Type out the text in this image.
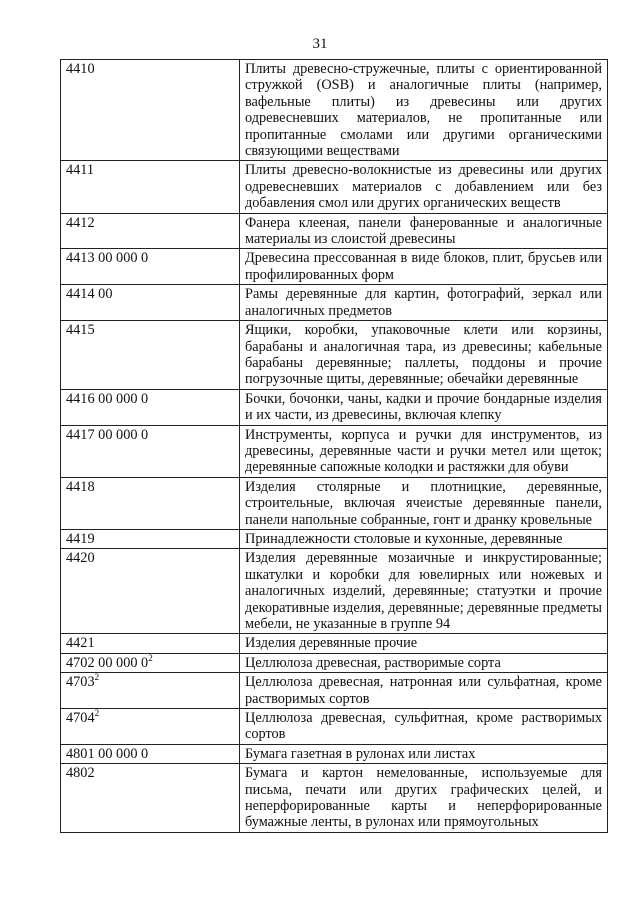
31
4410	Плиты древесно-стружечные, плиты с ориентированной стружкой (OSB) и аналогичные плиты (например, вафельные плиты) из древесины или других одревесневших материалов, не пропитанные или пропитанные смолами или другими органическими связующими веществами
4411	Плиты древесно-волокнистые из древесины или других одревесневших материалов с добавлением или без добавления смол или других органических веществ
4412	Фанера клееная, панели фанерованные и аналогичные материалы из слоистой древесины
4413 00 000 0	Древесина прессованная в виде блоков, плит, брусьев или профилированных форм
4414 00	Рамы деревянные для картин, фотографий, зеркал или аналогичных предметов
4415	Ящики, коробки, упаковочные клети или корзины, барабаны и аналогичная тара, из древесины; кабельные барабаны деревянные; паллеты, поддоны и прочие погрузочные щиты, деревянные; обечайки деревянные
4416 00 000 0	Бочки, бочонки, чаны, кадки и прочие бондарные изделия и их части, из древесины, включая клепку
4417 00 000 0	Инструменты, корпуса и ручки для инструментов, из древесины, деревянные части и ручки метел или щеток; деревянные сапожные колодки и растяжки для обуви
4418	Изделия столярные и плотницкие, деревянные, строительные, включая ячеистые деревянные панели, панели напольные собранные, гонт и дранку кровельные
4419	Принадлежности столовые и кухонные, деревянные
4420	Изделия деревянные мозаичные и инкрустированные; шкатулки и коробки для ювелирных или ножевых и аналогичных изделий, деревянные; статуэтки и прочие декоративные изделия, деревянные; деревянные предметы мебели, не указанные в группе 94
4421	Изделия деревянные прочие
4702 00 000 $0^2$	Целлюлоза древесная, растворимые сорта
4703$^2$	Целлюлоза древесная, натронная или сульфатная, кроме растворимых сортов
4704$^2$	Целлюлоза древесная, сульфитная, кроме растворимых сортов
4801 00 000 0	Бумага газетная в рулонах или листах
4802	Бумага и картон немелованные, используемые для письма, печати или других графических целей, и неперфорированные карты и неперфорированные бумажные ленты, в рулонах или прямоугольных
